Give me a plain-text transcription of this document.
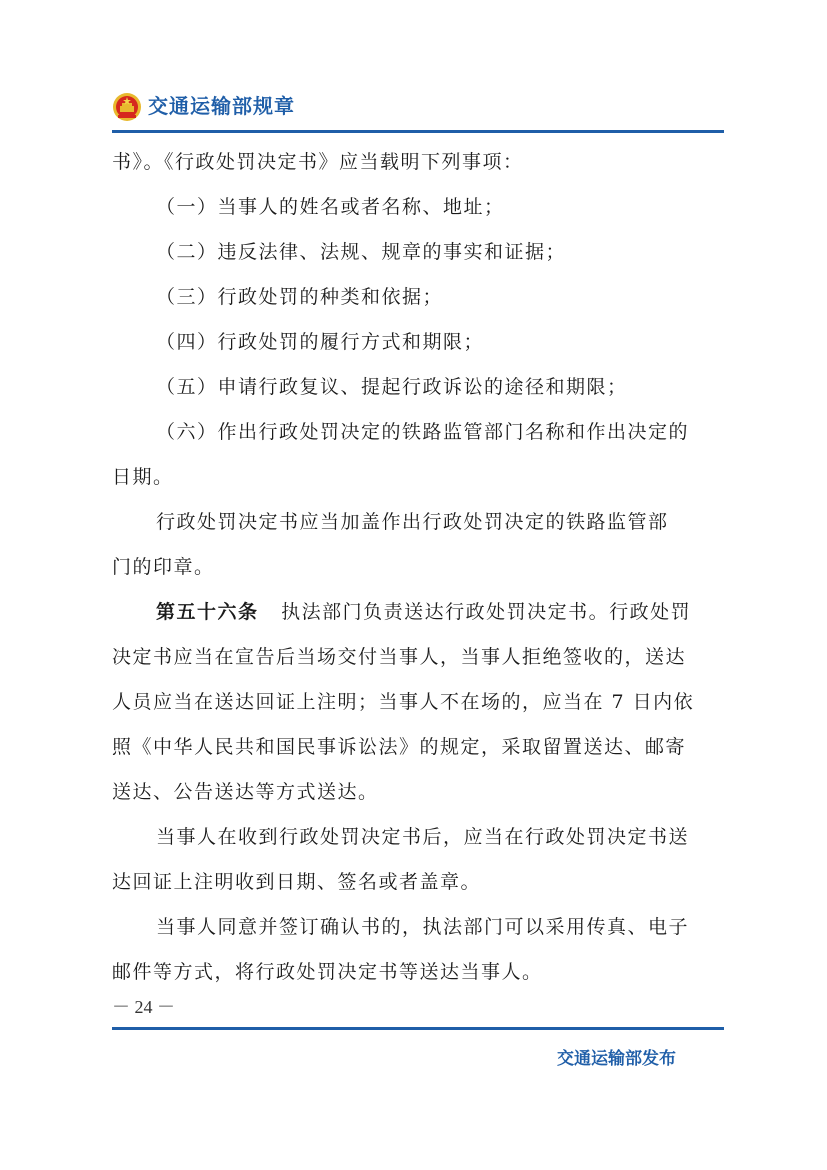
交通运输部规章

书》。《行政处罚决定书》应当载明下列事项：

（一）当事人的姓名或者名称、地址；

（二）违反法律、法规、规章的事实和证据；

（三）行政处罚的种类和依据；

（四）行政处罚的履行方式和期限；

（五）申请行政复议、提起行政诉讼的途径和期限；

（六）作出行政处罚决定的铁路监管部门名称和作出决定的

日期。

行政处罚决定书应当加盖作出行政处罚决定的铁路监管部

门的印章。

第五十六条 执法部门负责送达行政处罚决定书。行政处罚

决定书应当在宣告后当场交付当事人，当事人拒绝签收的，送达

人员应当在送达回证上注明；当事人不在场的，应当在 7 日内依

照《中华人民共和国民事诉讼法》的规定，采取留置送达、邮寄

送达、公告送达等方式送达。

当事人在收到行政处罚决定书后，应当在行政处罚决定书送

达回证上注明收到日期、签名或者盖章。

当事人同意并签订确认书的，执法部门可以采用传真、电子

邮件等方式，将行政处罚决定书等送达当事人。

－ 24 －
交通运输部发布
